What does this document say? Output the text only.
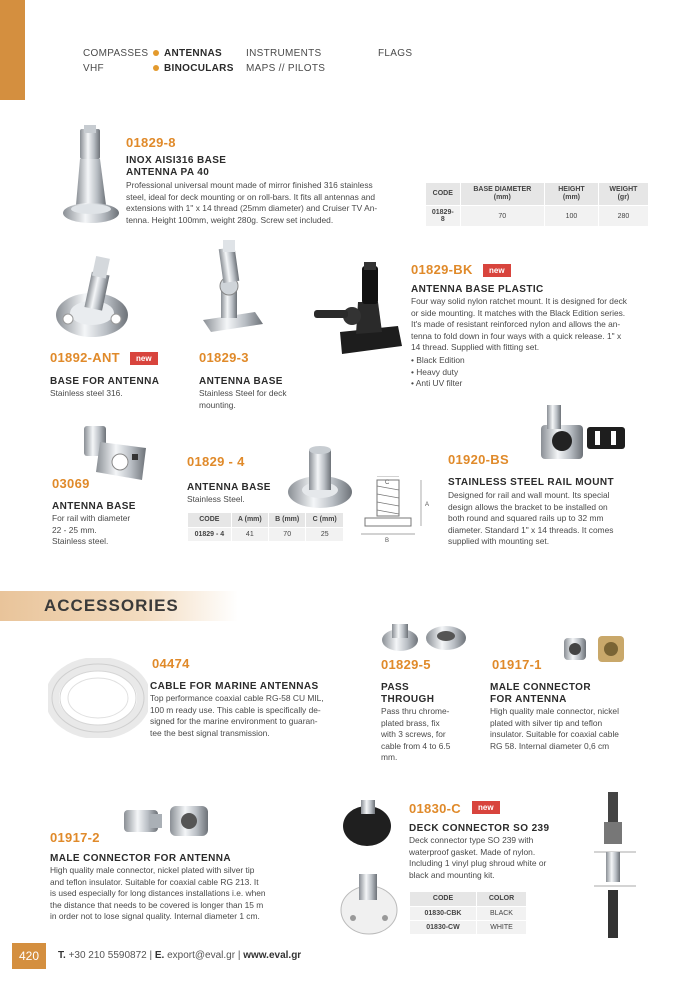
COMPASSES ANTENNAS INSTRUMENTS	FLAGS
VHF	BINOCULARS MAPS // PILOTS
01829-8
INOX AISI316 BASE
ANTENNA PA 40
Professional universal mount made of mirror finished 316 stainless
steel, ideal for deck mounting or on roll-bars. It fits all antennas and
extensions with 1'' x 14 thread (25mm diameter) and Cruiser TV An-
tenna. Height 100mm, weight 280g. Screw set included.
CODE	BASE DIAMETER (mm)	HEIGHT (mm)	WEIGHT (gr)
01829-8	70	100	280
01892-ANT	new
BASE FOR ANTENNA
Stainless steel 316.
01829-3
ANTENNA BASE
Stainless Steel for deck
mounting.
01829-BK	new
ANTENNA BASE PLASTIC
Four way solid nylon ratchet mount. It is designed for deck
or side mounting. It matches with the Black Edition series.
It's made of resistant reinforced nylon and allows the an-
tenna to fold down in four ways with a quick release. 1" x
14 thread. Supplied with fitting set.
• Black Edition
• Heavy duty
• Anti UV filter
03069
ANTENNA BASE
For rail with diameter
22 - 25 mm.
Stainless steel.
01829 - 4
ANTENNA BASE
Stainless Steel.
B
A
C
CODE	A (mm)	B (mm)	C (mm)
01829 - 4	41	70	25
01920-BS
STAINLESS STEEL RAIL MOUNT
Designed for rail and wall mount. Its special
design allows the bracket to be installed on
both round and squared rails up to 32 mm
diameter. Standard 1" x 14 threads. It comes
supplied with mounting set.
ACCESSORIES
04474
CABLE FOR MARINE ANTENNAS
Top performance coaxial cable RG-58 CU MIL,
100 m ready use. This cable is specifically de-
signed for the marine environment to guaran-
tee the best signal transmission.
01829-5
PASS
THROUGH
Pass thru chrome-
plated brass, fix
with 3 screws, for
cable from 4 to 6.5
mm.
01917-1
MALE CONNECTOR
FOR ANTENNA
High quality male connector, nickel
plated with silver tip and teflon
insulator. Suitable for coaxial cable
RG 58. Internal diameter 0,6 cm
01917-2
MALE CONNECTOR FOR ANTENNA
High quality male connector, nickel plated with silver tip
and teflon insulator. Suitable for coaxial cable RG 213. It
is used especially for long distances installations i.e. when
the distance that needs to be covered is longer than 15 m
in order not to lose signal quality. Internal diameter 1 cm.
01830-C	new
DECK CONNECTOR SO 239
Deck connector type SO 239 with
waterproof gasket. Made of nylon.
Including 1 vinyl plug shroud white or
black and mounting kit.
CODE	COLOR
01830-CBK	BLACK
01830-CW	WHITE
420	T. +30 210 5590872 | E. export@eval.gr | www.eval.gr
